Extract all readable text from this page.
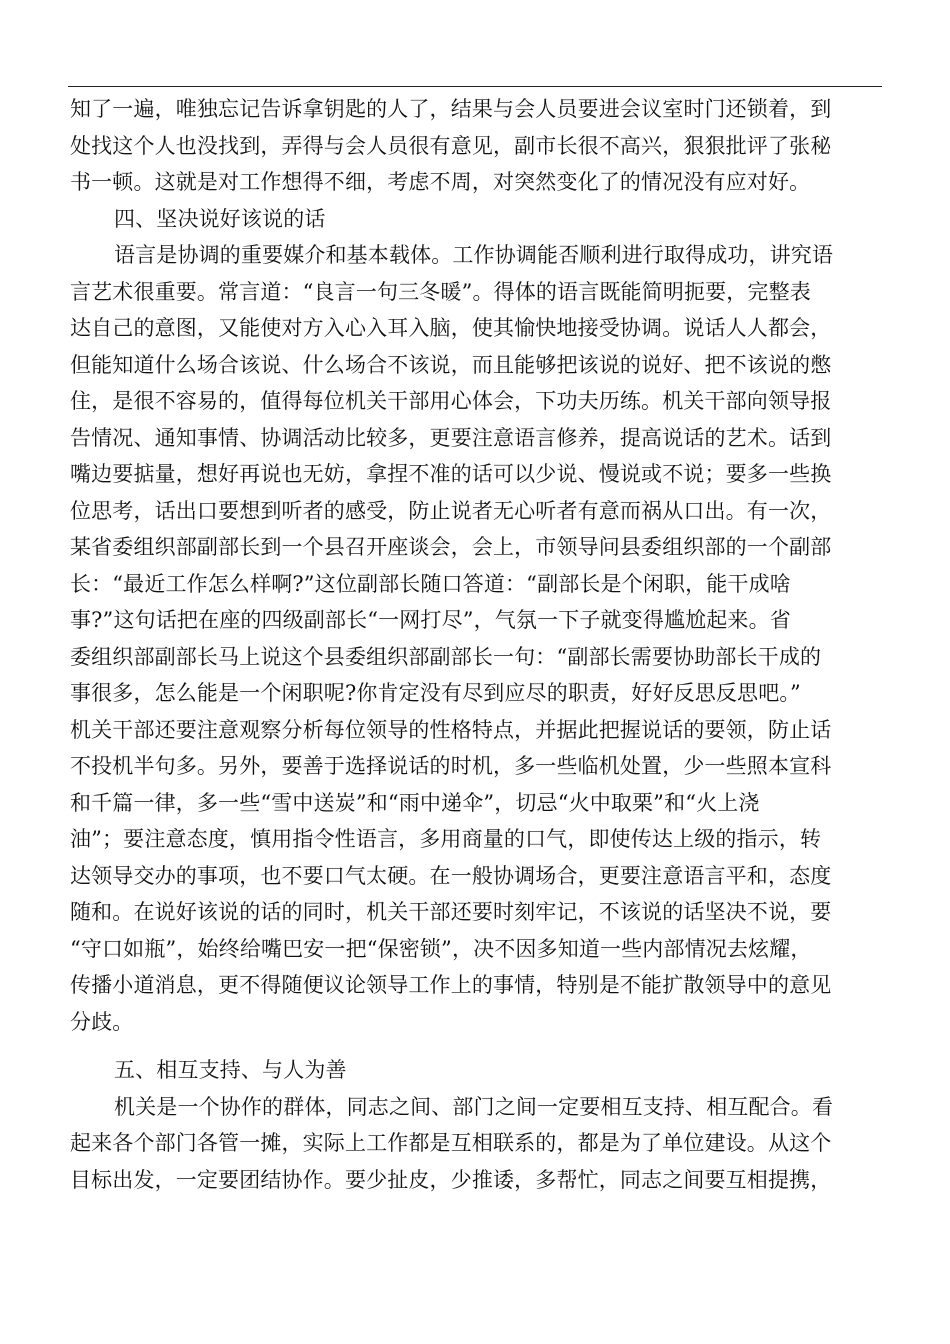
知了一遍，唯独忘记告诉拿钥匙的人了，结果与会人员要进会议室时门还锁着，到
处找这个人也没找到，弄得与会人员很有意见，副市长很不高兴，狠狠批评了张秘
书一顿。这就是对工作想得不细，考虑不周，对突然变化了的情况没有应对好。
四、坚决说好该说的话
语言是协调的重要媒介和基本载体。工作协调能否顺利进行取得成功，讲究语
言艺术很重要。常言道：“良言一句三冬暖”。得体的语言既能简明扼要，完整表
达自己的意图，又能使对方入心入耳入脑，使其愉快地接受协调。说话人人都会，
但能知道什么场合该说、什么场合不该说，而且能够把该说的说好、把不该说的憋
住，是很不容易的，值得每位机关干部用心体会，下功夫历练。机关干部向领导报
告情况、通知事情、协调活动比较多，更要注意语言修养，提高说话的艺术。话到
嘴边要掂量，想好再说也无妨，拿捏不准的话可以少说、慢说或不说；要多一些换
位思考，话出口要想到听者的感受，防止说者无心听者有意而祸从口出。有一次，
某省委组织部副部长到一个县召开座谈会，会上，市领导问县委组织部的一个副部
长：“最近工作怎么样啊?”这位副部长随口答道：“副部长是个闲职，能干成啥
事?”这句话把在座的四级副部长“一网打尽”，气氛一下子就变得尴尬起来。省
委组织部副部长马上说这个县委组织部副部长一句：“副部长需要协助部长干成的
事很多，怎么能是一个闲职呢?你肯定没有尽到应尽的职责，好好反思反思吧。”
机关干部还要注意观察分析每位领导的性格特点，并据此把握说话的要领，防止话
不投机半句多。另外，要善于选择说话的时机，多一些临机处置，少一些照本宣科
和千篇一律，多一些“雪中送炭”和“雨中递伞”，切忌“火中取栗”和“火上浇
油”；要注意态度，慎用指令性语言，多用商量的口气，即使传达上级的指示，转
达领导交办的事项，也不要口气太硬。在一般协调场合，更要注意语言平和，态度
随和。在说好该说的话的同时，机关干部还要时刻牢记，不该说的话坚决不说，要
“守口如瓶”，始终给嘴巴安一把“保密锁”，决不因多知道一些内部情况去炫耀，
传播小道消息，更不得随便议论领导工作上的事情，特别是不能扩散领导中的意见
分歧。
五、相互支持、与人为善
机关是一个协作的群体，同志之间、部门之间一定要相互支持、相互配合。看
起来各个部门各管一摊，实际上工作都是互相联系的，都是为了单位建设。从这个
目标出发，一定要团结协作。要少扯皮，少推诿，多帮忙，同志之间要互相提携，
